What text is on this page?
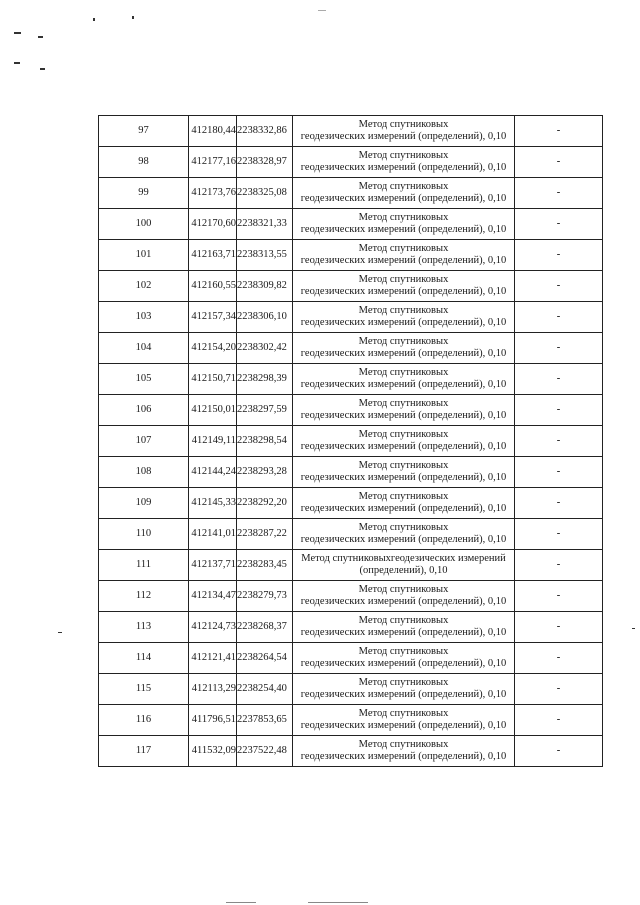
97	412180,44	2238332,86	Метод спутниковых
геодезических измерений (определений), 0,10	-
98	412177,16	2238328,97	Метод спутниковых
геодезических измерений (определений), 0,10	-
99	412173,76	2238325,08	Метод спутниковых
геодезических измерений (определений), 0,10	-
100	412170,60	2238321,33	Метод спутниковых
геодезических измерений (определений), 0,10	-
101	412163,71	2238313,55	Метод спутниковых
геодезических измерений (определений), 0,10	-
102	412160,55	2238309,82	Метод спутниковых
геодезических измерений (определений), 0,10	-
103	412157,34	2238306,10	Метод спутниковых
геодезических измерений (определений), 0,10	-
104	412154,20	2238302,42	Метод спутниковых
геодезических измерений (определений), 0,10	-
105	412150,71	2238298,39	Метод спутниковых
геодезических измерений (определений), 0,10	-
106	412150,01	2238297,59	Метод спутниковых
геодезических измерений (определений), 0,10	-
107	412149,11	2238298,54	Метод спутниковых
геодезических измерений (определений), 0,10	-
108	412144,24	2238293,28	Метод спутниковых
геодезических измерений (определений), 0,10	-
109	412145,33	2238292,20	Метод спутниковых
геодезических измерений (определений), 0,10	-
110	412141,01	2238287,22	Метод спутниковых
геодезических измерений (определений), 0,10	-
111	412137,71	2238283,45	Метод спутниковыхгеодезических измерений
(определений), 0,10	-
112	412134,47	2238279,73	Метод спутниковых
геодезических измерений (определений), 0,10	-
113	412124,73	2238268,37	Метод спутниковых
геодезических измерений (определений), 0,10	-
114	412121,41	2238264,54	Метод спутниковых
геодезических измерений (определений), 0,10	-
115	412113,29	2238254,40	Метод спутниковых
геодезических измерений (определений), 0,10	-
116	411796,51	2237853,65	Метод спутниковых
геодезических измерений (определений), 0,10	-
117	411532,09	2237522,48	Метод спутниковых
геодезических измерений (определений), 0,10	-
